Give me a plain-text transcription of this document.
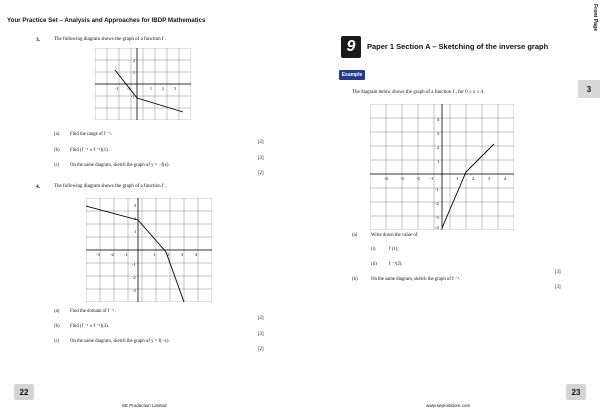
Your Practice Set – Analysis and Approaches for IBDP Mathematics
3.	The following diagram shows the graph of a function f .
-2 -1	1	2	3
2
1
-1
(a) Find the range of f ⁻¹.
[2]
(b) Find (f ⁻¹ ∘ f ⁻¹)(1).
[3]
(c) On the same diagram, sketch the graph of y = −f(x).
[2]
4.	The following diagram shows the graph of a function f .
-3 -2 -1	1	2	3	4
3
2
1
-1
-2
-3
(a) Find the domain of f ⁻¹.
[2]
(b) Find (f ⁻¹ ∘ f ⁻¹)(3).
[3]
(c) On the same diagram, sketch the graph of y = f(−x).
[2]
22
SE Production Limited
Front Page
3
9	Paper 1 Section A – Sketching of the inverse graph
Example
The diagram below shows the graph of a function f , for 0 ≤ x ≤ 4 .
-4	-3	-2 -1	1	2	3	4
4
3
2
1
-1
-2
-3
-4
(a)	Write down the value of
(i)	f (1);
(ii)	f ⁻¹(2).
[3]
(b)	On the same diagram, sketch the graph of f ⁻¹.
[3]
23
www.seprodstore.com
